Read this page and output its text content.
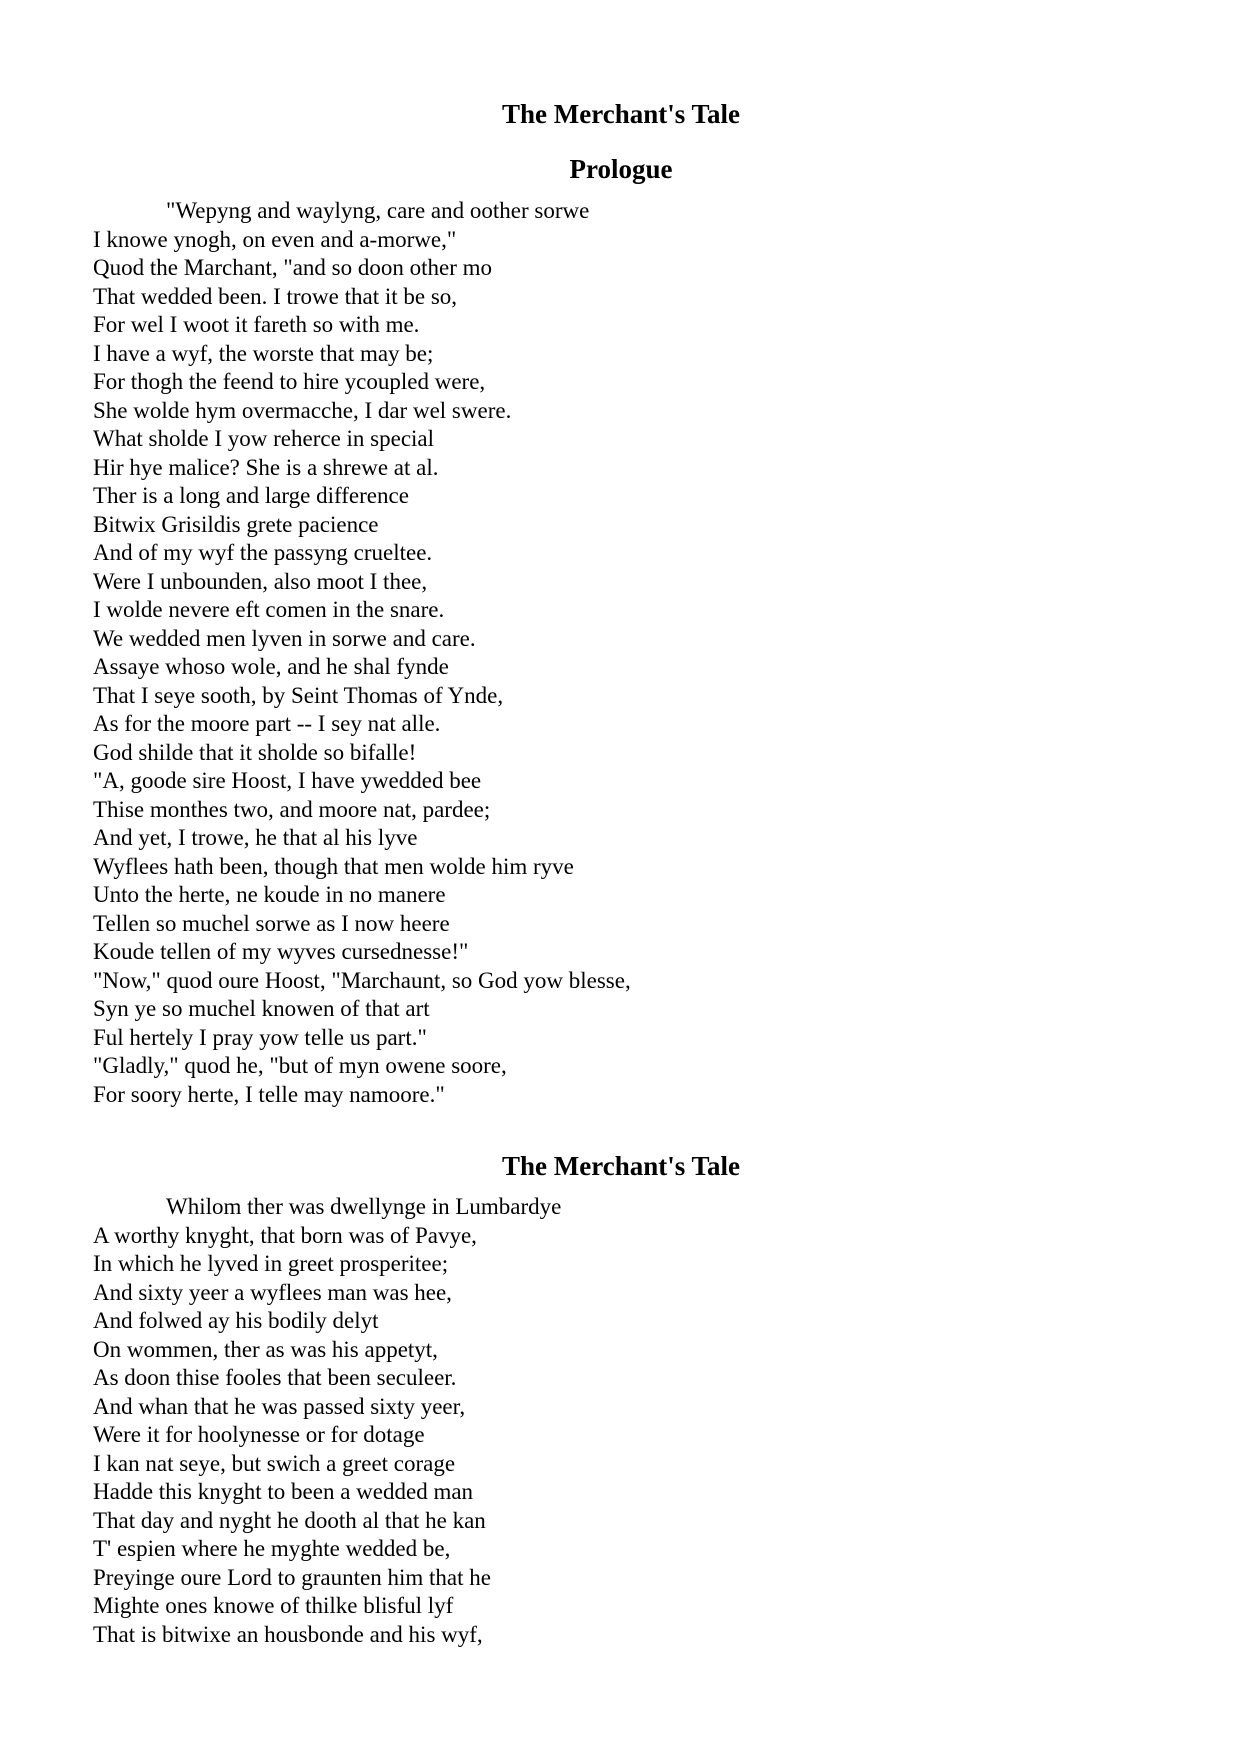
The Merchant's Tale
Prologue
"Wepyng and waylyng, care and oother sorwe
I knowe ynogh, on even and a-morwe,"
Quod the Marchant, "and so doon other mo
That wedded been. I trowe that it be so,
For wel I woot it fareth so with me.
I have a wyf, the worste that may be;
For thogh the feend to hire ycoupled were,
She wolde hym overmacche, I dar wel swere.
What sholde I yow reherce in special
Hir hye malice? She is a shrewe at al.
Ther is a long and large difference
Bitwix Grisildis grete pacience
And of my wyf the passyng crueltee.
Were I unbounden, also moot I thee,
I wolde nevere eft comen in the snare.
We wedded men lyven in sorwe and care.
Assaye whoso wole, and he shal fynde
That I seye sooth, by Seint Thomas of Ynde,
As for the moore part -- I sey nat alle.
God shilde that it sholde so bifalle!
"A, goode sire Hoost, I have ywedded bee
Thise monthes two, and moore nat, pardee;
And yet, I trowe, he that al his lyve
Wyflees hath been, though that men wolde him ryve
Unto the herte, ne koude in no manere
Tellen so muchel sorwe as I now heere
Koude tellen of my wyves cursednesse!"
"Now," quod oure Hoost, "Marchaunt, so God yow blesse,
Syn ye so muchel knowen of that art
Ful hertely I pray yow telle us part."
"Gladly," quod he, "but of myn owene soore,
For soory herte, I telle may namoore."
The Merchant's Tale
Whilom ther was dwellynge in Lumbardye
A worthy knyght, that born was of Pavye,
In which he lyved in greet prosperitee;
And sixty yeer a wyflees man was hee,
And folwed ay his bodily delyt
On wommen, ther as was his appetyt,
As doon thise fooles that been seculeer.
And whan that he was passed sixty yeer,
Were it for hoolynesse or for dotage
I kan nat seye, but swich a greet corage
Hadde this knyght to been a wedded man
That day and nyght he dooth al that he kan
T' espien where he myghte wedded be,
Preyinge oure Lord to graunten him that he
Mighte ones knowe of thilke blisful lyf
That is bitwixe an housbonde and his wyf,
